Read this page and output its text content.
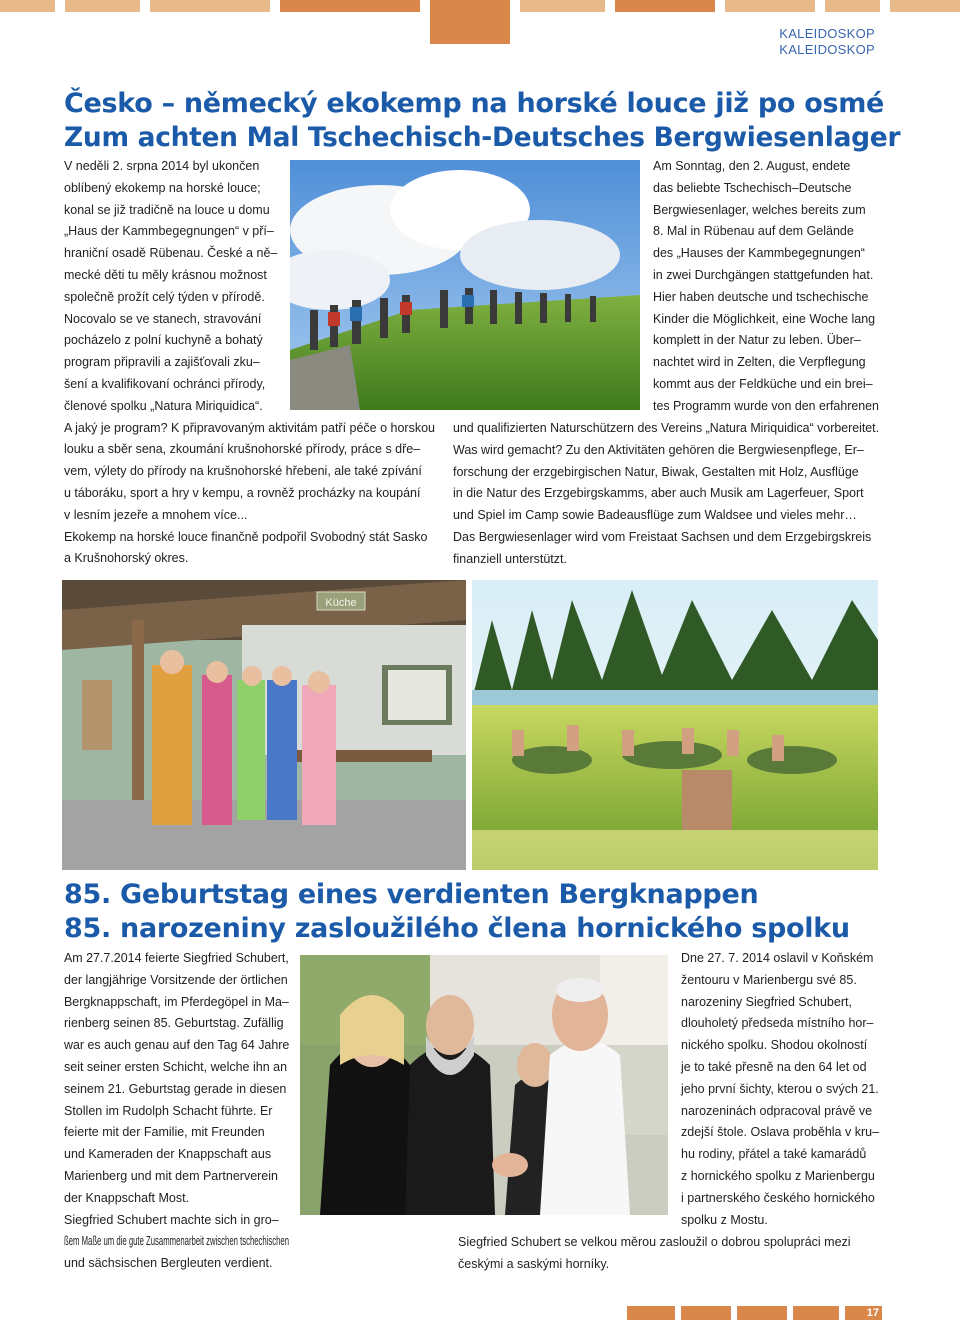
KALEIDOSKOP
KALEIDOSKOP
Česko – německý ekokemp na horské louce již po osmé
Zum achten Mal Tschechisch-Deutsches Bergwiesenlager
V neděli 2. srpna 2014 byl ukončen
oblíbený ekokemp na horské louce;
konal se již tradičně na louce u domu
„Haus der Kammbegegnungen“ v pří–
hraniční osadě Rübenau. České a ně–
mecké děti tu měly krásnou možnost
společně prožít celý týden v přírodě.
Nocovalo se ve stanech, stravování
pocházelo z polní kuchyně a bohatý
program připravili a zajišťovali zku–
šení a kvalifikovaní ochránci přírody,
členové spolku „Natura Miriquidica“.
A jaký je program? K připravovaným aktivitám patří péče o horskou
louku a sběr sena, zkoumání krušnohorské přírody, práce s dře–
vem, výlety do přírody na krušnohorské hřebeni, ale také zpívání
u táboráku, sport a hry v kempu, a rovněž procházky na koupání
v lesním jezeře a mnohem více...
Ekokemp na horské louce finančně podpořil Svobodný stát Sasko
a Krušnohorský okres.
Am Sonntag, den 2. August, endete
das beliebte Tschechisch–Deutsche
Bergwiesenlager, welches bereits zum
8. Mal in Rübenau auf dem Gelände
des „Hauses der Kammbegegnungen“
in zwei Durchgängen stattgefunden hat.
Hier haben deutsche und tschechische
Kinder die Möglichkeit, eine Woche lang
komplett in der Natur zu leben. Über–
nachtet wird in Zelten, die Verpflegung
kommt aus der Feldküche und ein brei–
tes Programm wurde von den erfahrenen
und qualifizierten Naturschützern des Vereins „Natura Miriquidica“ vorbereitet.
Was wird gemacht? Zu den Aktivitäten gehören die Bergwiesenpflege, Er–
forschung der erzgebirgischen Natur, Biwak, Gestalten mit Holz, Ausflüge
in die Natur des Erzgebirgskamms, aber auch Musik am Lagerfeuer, Sport
und Spiel im Camp sowie Badeausflüge zum Waldsee und vieles mehr…
Das Bergwiesenlager wird vom Freistaat Sachsen und dem Erzgebirgskreis
finanziell unterstützt.
Küche
85. Geburtstag eines verdienten Bergknappen
85. narozeniny zasloužilého člena hornického spolku
Am 27.7.2014 feierte Siegfried Schubert,
der langjährige Vorsitzende der örtlichen
Bergknappschaft, im Pferdegöpel in Ma–
rienberg seinen 85. Geburtstag. Zufällig
war es auch genau auf den Tag 64 Jahre
seit seiner ersten Schicht, welche ihn an
seinem 21. Geburtstag gerade in diesen
Stollen im Rudolph Schacht führte. Er
feierte mit der Familie, mit Freunden
und Kameraden der Knappschaft aus
Marienberg und mit dem Partnerverein
der Knappschaft Most.
Siegfried Schubert machte sich in gro–
ßem Maße um die gute Zusammenarbeit zwischen tschechischen
und sächsischen Bergleuten verdient.
Dne 27. 7. 2014 oslavil v Koňském
žentouru v Marienbergu své 85.
narozeniny Siegfried Schubert,
dlouholetý předseda místního hor–
nického spolku. Shodou okolností
je to také přesně na den 64 let od
jeho první šichty, kterou o svých 21.
narozeninách odpracoval právě ve
zdejší štole. Oslava proběhla v kru–
hu rodiny, přátel a také kamarádů
z hornického spolku z Marienbergu
i partnerského českého hornického
spolku z Mostu.
Siegfried Schubert se velkou měrou zasloužil o dobrou spolupráci mezi
českými a saskými horníky.
17
